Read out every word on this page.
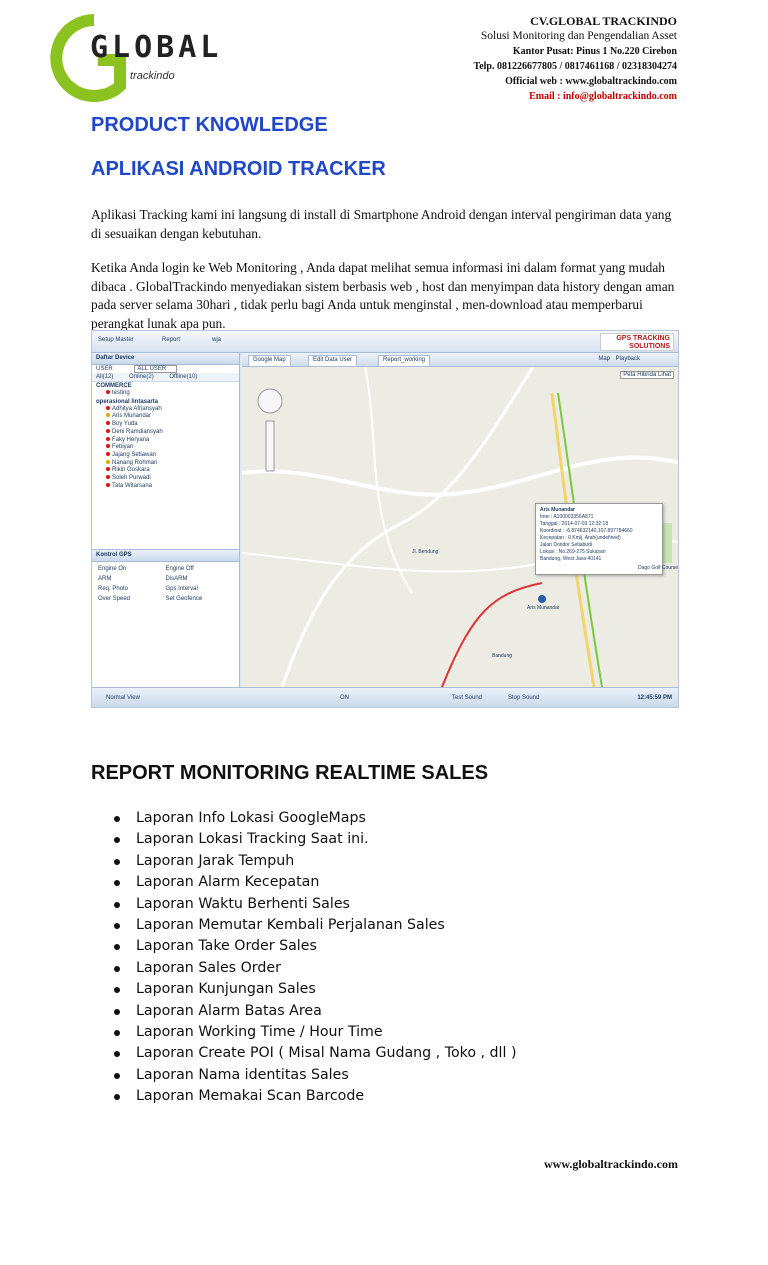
GLOBAL
trackindo
CV.GLOBAL TRACKINDO
Solusi Monitoring dan Pengendalian Asset
Kantor Pusat: Pinus 1 No.220 Cirebon
Telp. 081226677805 / 0817461168 / 02318304274
Official web : www.globaltrackindo.com
Email : info@globaltrackindo.com
PRODUCT KNOWLEDGE
APLIKASI ANDROID TRACKER
Aplikasi Tracking kami ini langsung di install di Smartphone Android dengan interval pengiriman data yang di sesuaikan dengan kebutuhan.
Ketika Anda login ke Web Monitoring , Anda dapat melihat semua informasi ini dalam format yang mudah dibaca . GlobalTrackindo menyediakan sistem berbasis web , host dan menyimpan data history dengan aman pada server selama 30hari , tidak perlu bagi Anda untuk menginstal , men-download atau memperbarui perangkat lunak apa pun.
Setup Master	Report	wja	GPS TRACKING SOLUTIONS
Daftar Device
USER	ALL USER
All(12)	Online(2)	Offline(10)
COMMERCE
testing
operasional lintasarta
Adhitya Afriansyah
Aris Munandar
Boy Yuda
Deni Ramdiansyah
Faky Heryana
Febiyan
Jajang Setiawan
Nanang Rohman
Rikin Goskara
Soleh Purwadi
Tata Witarsana
Kontrol GPS
Engine On	Engine Off
ARM	DisARM
Req. Photo	Gps Interval
Over Speed	Set Geofence
Google Map	Edit Data User	Report_working	Map Playback
Peta Hibrida Lihat
Aris Munandar
Imei : A100003356A871
Tanggal : 2014-07-03 12:32:18
Koordinat : -6.874632140,107.897784660
Kecepatan : 0 Km/j, Arah(undefined)
Jalan Dondor Setiabudi
Lokasi : No.269-275 Sukasari
Bandung, West Java 40141
Aris Munandar
Dago Golf Course
Jl. Bendung
Bandung
Normal View	ON	Test Sound	Stop Sound	12:45:59 PM
REPORT MONITORING REALTIME SALES
Laporan Info Lokasi GoogleMaps
Laporan Lokasi Tracking Saat ini.
Laporan Jarak Tempuh
Laporan Alarm Kecepatan
Laporan Waktu Berhenti Sales
Laporan Memutar Kembali Perjalanan Sales
Laporan Take Order Sales
Laporan Sales Order
Laporan Kunjungan Sales
Laporan Alarm Batas Area
Laporan Working Time / Hour Time
Laporan Create POI ( Misal Nama Gudang , Toko , dll )
Laporan Nama identitas Sales
Laporan Memakai Scan Barcode
www.globaltrackindo.com
